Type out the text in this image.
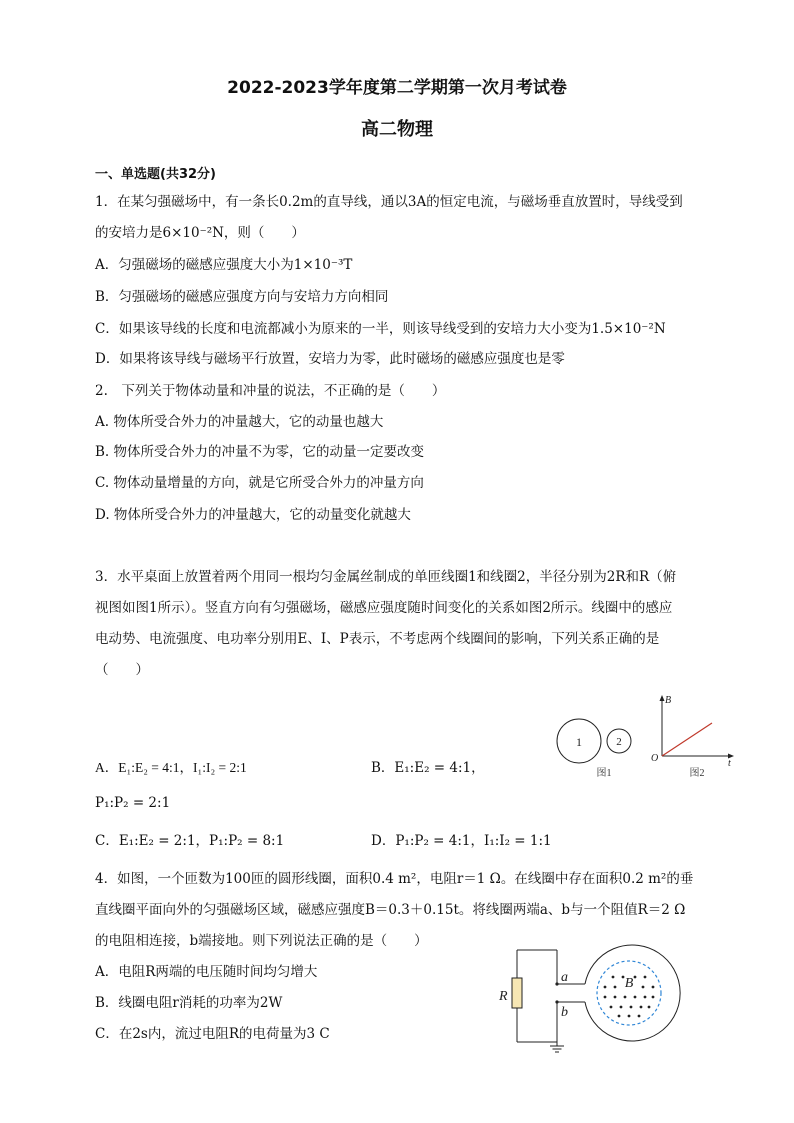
2022-2023学年度第二学期第一次月考试卷
高二物理
一、单选题(共32分)
1．在某匀强磁场中，有一条长0.2m的直导线，通以3A的恒定电流，与磁场垂直放置时，导线受到
的安培力是6×10⁻²N，则（　　）
A．匀强磁场的磁感应强度大小为1×10⁻³T
B．匀强磁场的磁感应强度方向与安培力方向相同
C．如果该导线的长度和电流都减小为原来的一半，则该导线受到的安培力大小变为1.5×10⁻²N
D．如果将该导线与磁场平行放置，安培力为零，此时磁场的磁感应强度也是零
2.　下列关于物体动量和冲量的说法，不正确的是（　　）
A. 物体所受合外力的冲量越大，它的动量也越大
B. 物体所受合外力的冲量不为零，它的动量一定要改变
C. 物体动量增量的方向，就是它所受合外力的冲量方向
D. 物体所受合外力的冲量越大，它的动量变化就越大
3．水平桌面上放置着两个用同一根均匀金属丝制成的单匝线圈1和线圈2，半径分别为2R和R（俯
视图如图1所示）。竖直方向有匀强磁场，磁感应强度随时间变化的关系如图2所示。线圈中的感应
电动势、电流强度、电功率分别用E、I、P表示，不考虑两个线圈间的影响，下列关系正确的是
（　　）
1	2
图1
B
t
O
图2
A．E₁:E₂ = 4:1，I₁:I₂ = 2:1	B．E₁:E₂ = 4:1，
P₁:P₂ = 2:1
C．E₁:E₂ = 2:1，P₁:P₂ = 8:1	D．P₁:P₂ = 4:1，I₁:I₂ = 1:1
4．如图，一个匝数为100匝的圆形线圈，面积0.4 m²，电阻r＝1 Ω。在线圈中存在面积0.2 m²的垂
直线圈平面向外的匀强磁场区域，磁感应强度B＝0.3＋0.15t。将线圈两端a、b与一个阻值R＝2 Ω
的电阻相连接，b端接地。则下列说法正确的是（　　）
A．电阻R两端的电压随时间均匀增大
B．线圈电阻r消耗的功率为2W
C．在2s内，流过电阻R的电荷量为3 C
B
R
a
b
